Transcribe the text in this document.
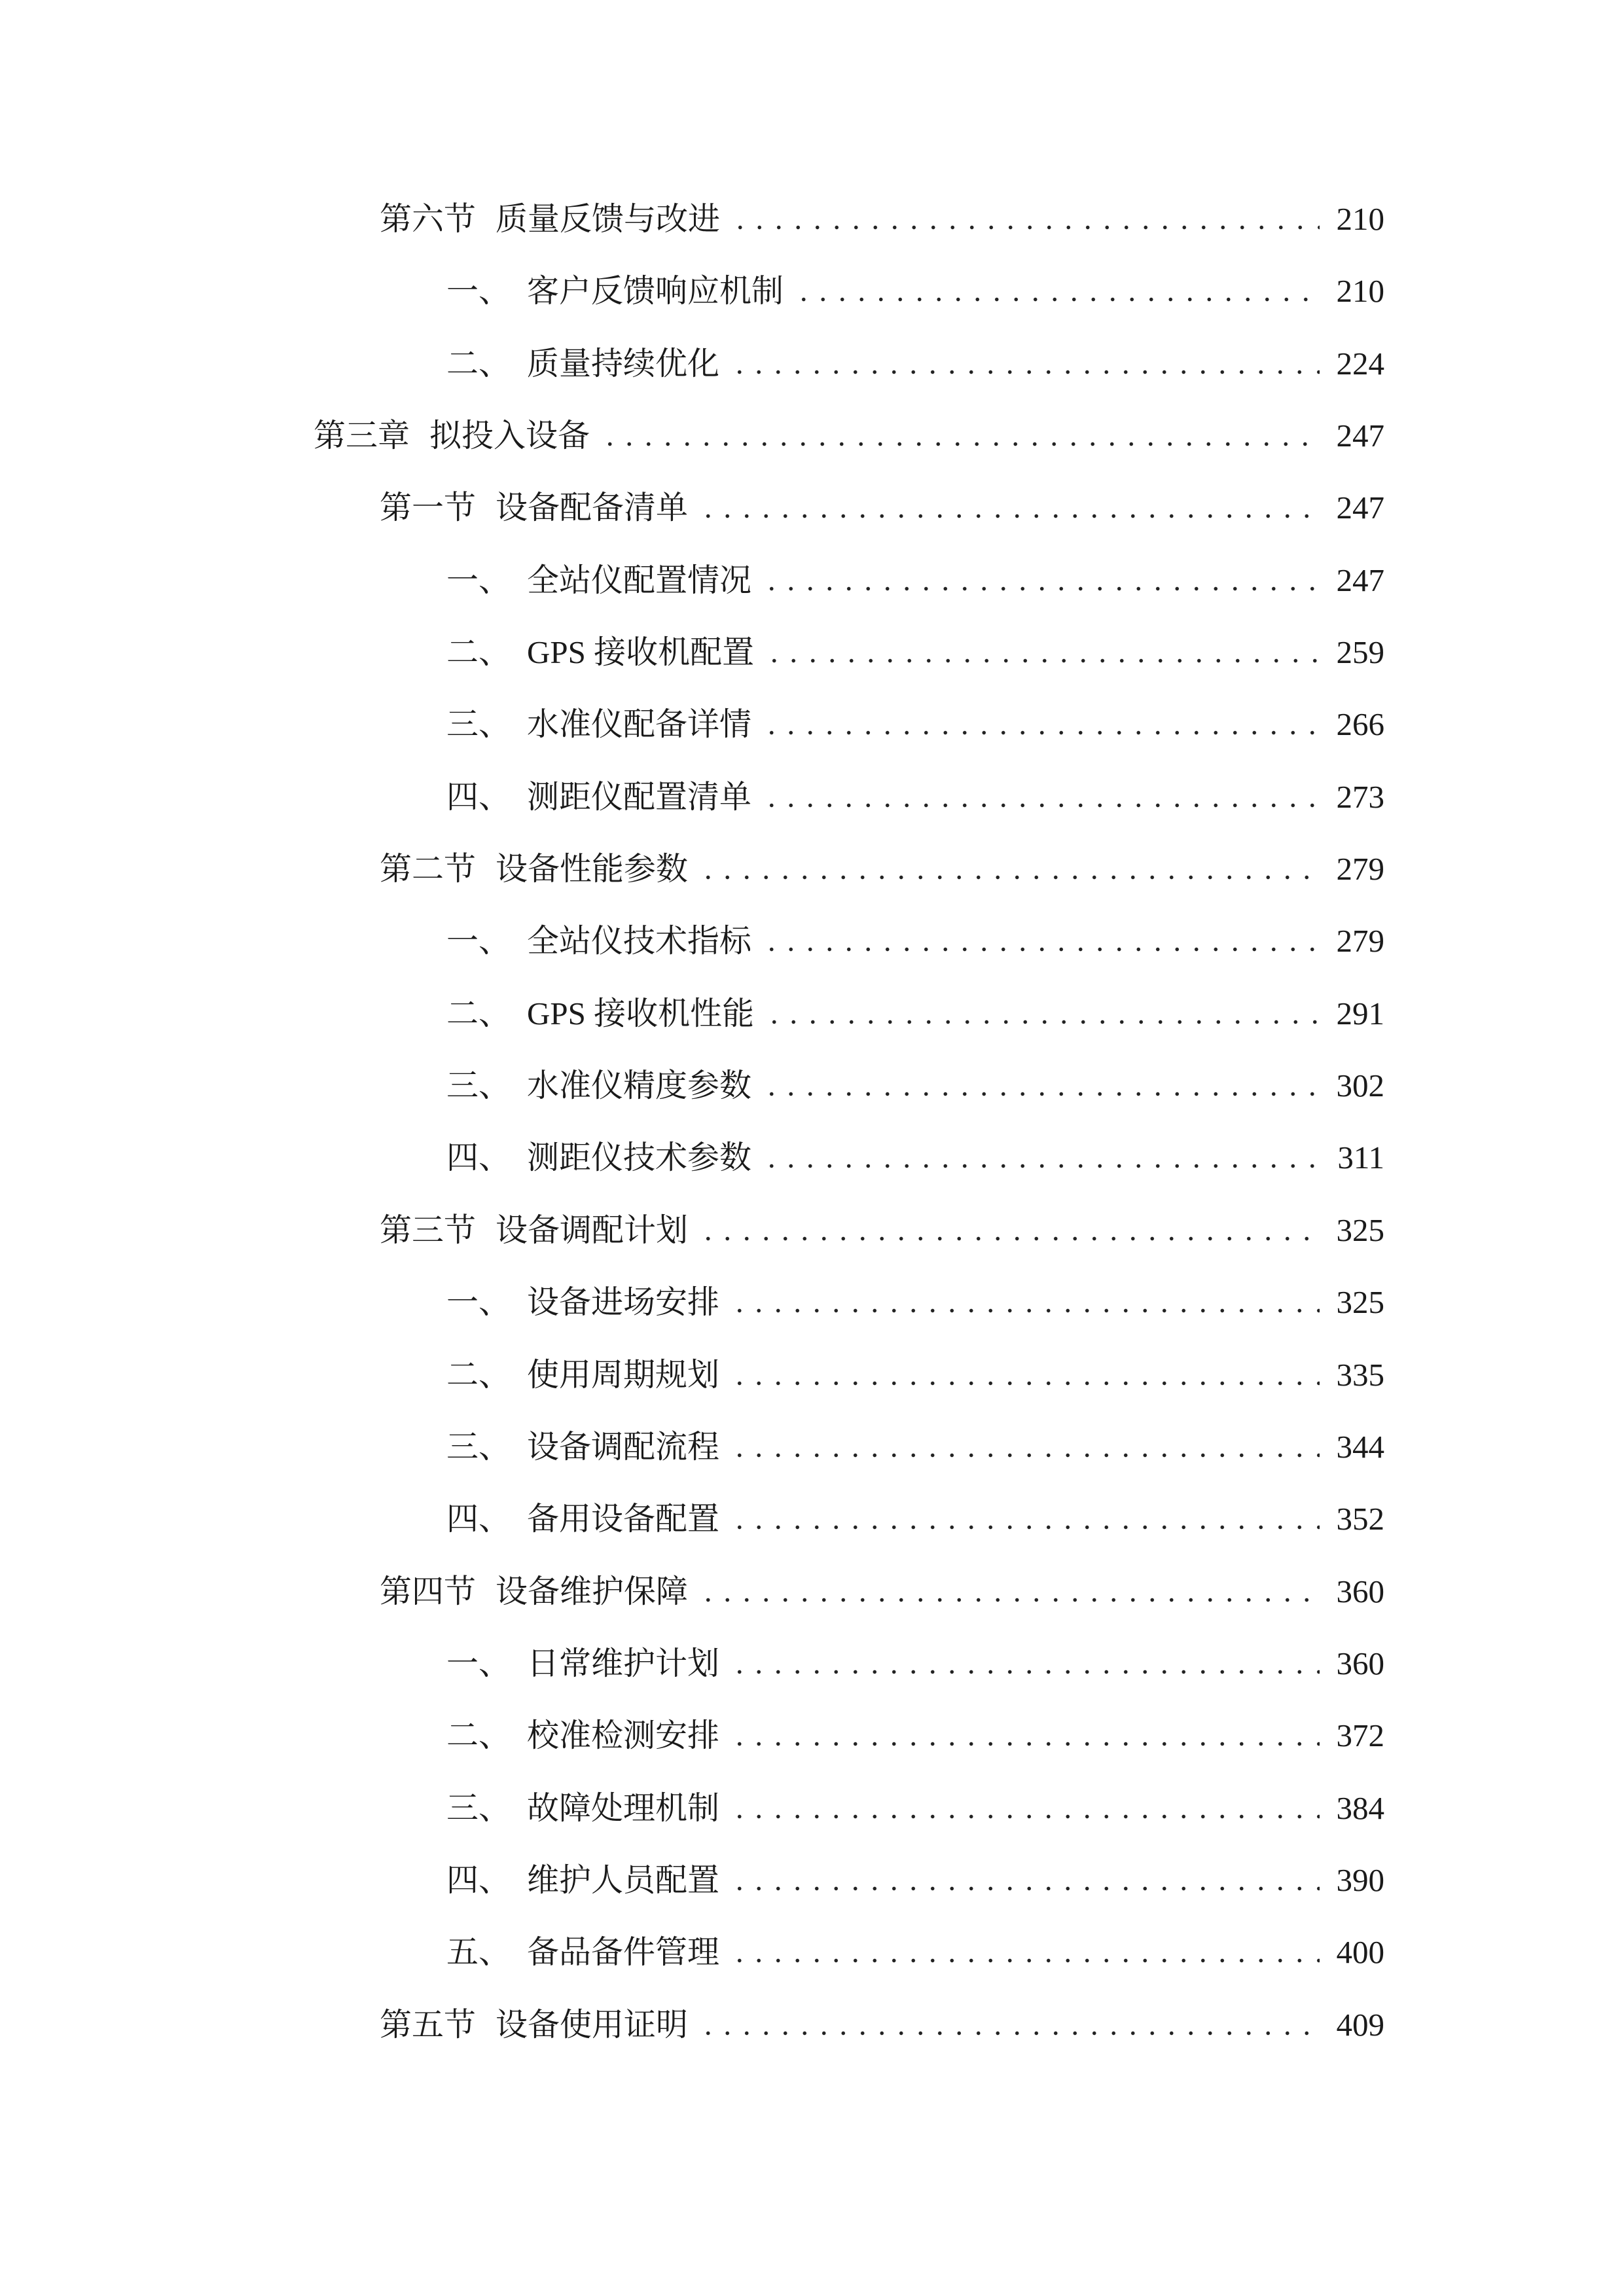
第六节 质量反馈与改进	210
一、 客户反馈响应机制	210
二、 质量持续优化	224
第三章 拟投入设备	247
第一节 设备配备清单	247
一、 全站仪配置情况	247
二、 GPS 接收机配置	259
三、 水准仪配备详情	266
四、 测距仪配置清单	273
第二节 设备性能参数	279
一、 全站仪技术指标	279
二、 GPS 接收机性能	291
三、 水准仪精度参数	302
四、 测距仪技术参数	311
第三节 设备调配计划	325
一、 设备进场安排	325
二、 使用周期规划	335
三、 设备调配流程	344
四、 备用设备配置	352
第四节 设备维护保障	360
一、 日常维护计划	360
二、 校准检测安排	372
三、 故障处理机制	384
四、 维护人员配置	390
五、 备品备件管理	400
第五节 设备使用证明	409
